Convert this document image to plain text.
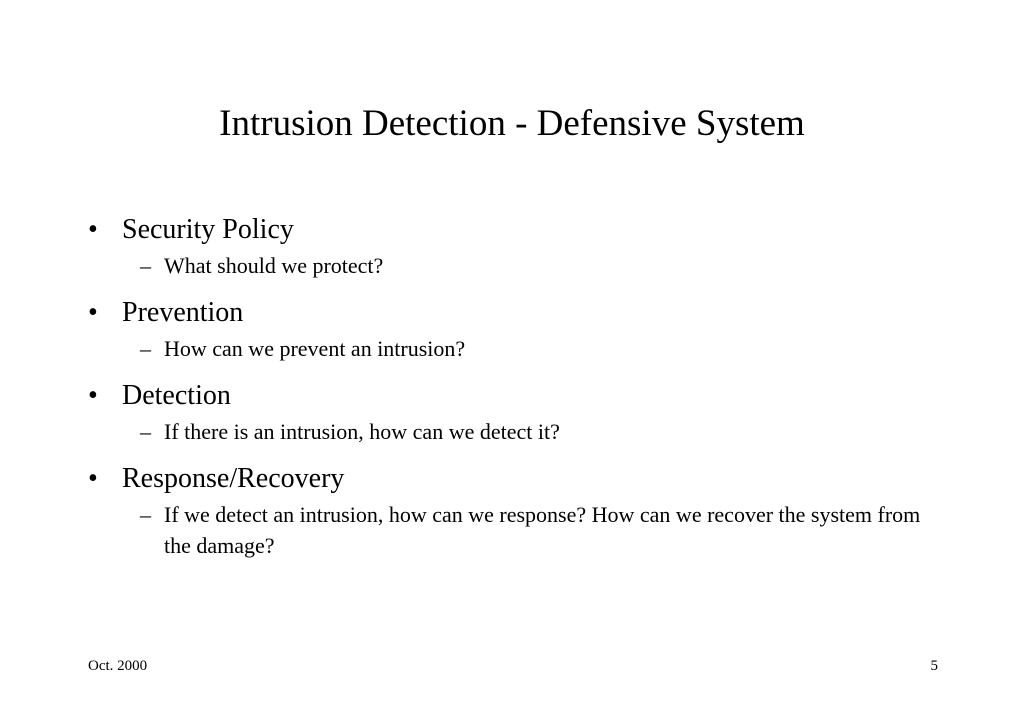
Intrusion Detection - Defensive System
• Security Policy
– What should we protect?
• Prevention
– How can we prevent an intrusion?
• Detection
– If there is an intrusion, how can we detect it?
• Response/Recovery
– If we detect an intrusion, how can we response? How can we recover the system from the damage?
Oct. 2000	5
